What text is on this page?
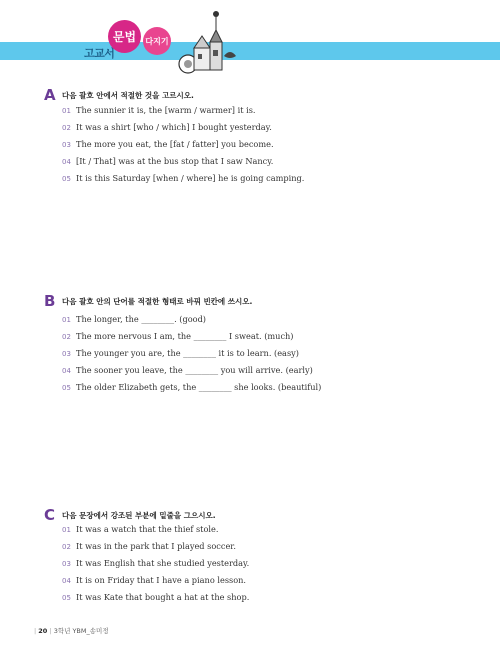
고교서
문법	다지기
A 다음 괄호 안에서 적절한 것을 고르시오.
01 The sunnier it is, the [warm / warmer] it is.
02 It was a shirt [who / which] I bought yesterday.
03 The more you eat, the [fat / fatter] you become.
04 [It / That] was at the bus stop that I saw Nancy.
05 It is this Saturday [when / where] he is going camping.
B 다음 괄호 안의 단어를 적절한 형태로 바꿔 빈칸에 쓰시오.
01 The longer, the ________. (good)
02 The more nervous I am, the ________ I sweat. (much)
03 The younger you are, the ________ it is to learn. (easy)
04 The sooner you leave, the ________ you will arrive. (early)
05 The older Elizabeth gets, the ________ she looks. (beautiful)
C 다음 문장에서 강조된 부분에 밑줄을 그으시오.
01 It was a watch that the thief stole.
02 It was in the park that I played soccer.
03 It was English that she studied yesterday.
04 It is on Friday that I have a piano lesson.
05 It was Kate that bought a hat at the shop.
| 20 | 3학년 YBM_송미정
